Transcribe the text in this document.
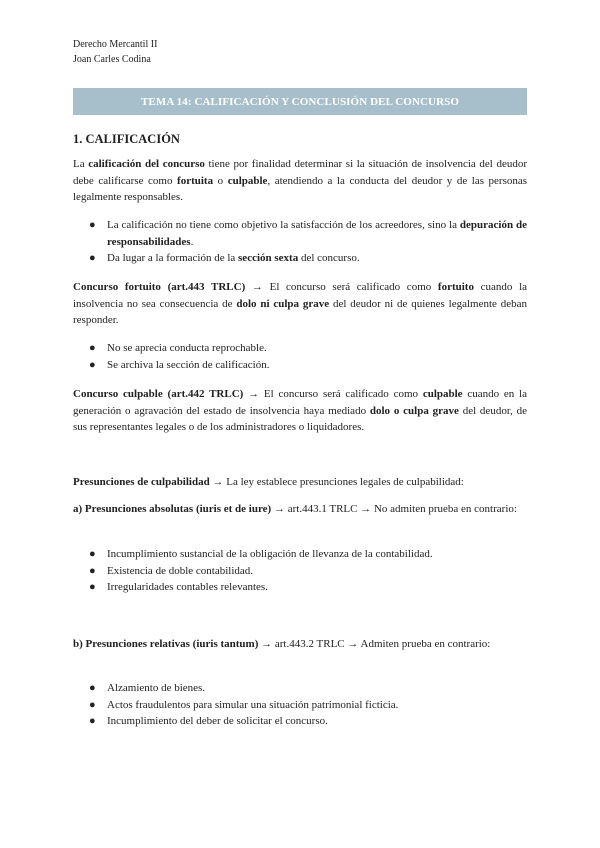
Derecho Mercantil II
Joan Carles Codina
TEMA 14: CALIFICACIÓN Y CONCLUSIÓN DEL CONCURSO
1. CALIFICACIÓN

La calificación del concurso tiene por finalidad determinar si la situación de insolvencia del deudor debe calificarse como fortuita o culpable, atendiendo a la conducta del deudor y de las personas legalmente responsables.

● La calificación no tiene como objetivo la satisfacción de los acreedores, sino la depuración de responsabilidades.
● Da lugar a la formación de la sección sexta del concurso.

Concurso fortuito (art.443 TRLC) → El concurso será calificado como fortuito cuando la insolvencia no sea consecuencia de dolo ni culpa grave del deudor ni de quienes legalmente deban responder.

● No se aprecia conducta reprochable.
● Se archiva la sección de calificación.

Concurso culpable (art.442 TRLC) → El concurso será calificado como culpable cuando en la generación o agravación del estado de insolvencia haya mediado dolo o culpa grave del deudor, de sus representantes legales o de los administradores o liquidadores.

Presunciones de culpabilidad → La ley establece presunciones legales de culpabilidad:

a) Presunciones absolutas (iuris et de iure) → art.443.1 TRLC → No admiten prueba en contrario:

● Incumplimiento sustancial de la obligación de llevanza de la contabilidad.
● Existencia de doble contabilidad.
● Irregularidades contables relevantes.

b) Presunciones relativas (iuris tantum) → art.443.2 TRLC → Admiten prueba en contrario:

● Alzamiento de bienes.
● Actos fraudulentos para simular una situación patrimonial ficticia.
● Incumplimiento del deber de solicitar el concurso.
